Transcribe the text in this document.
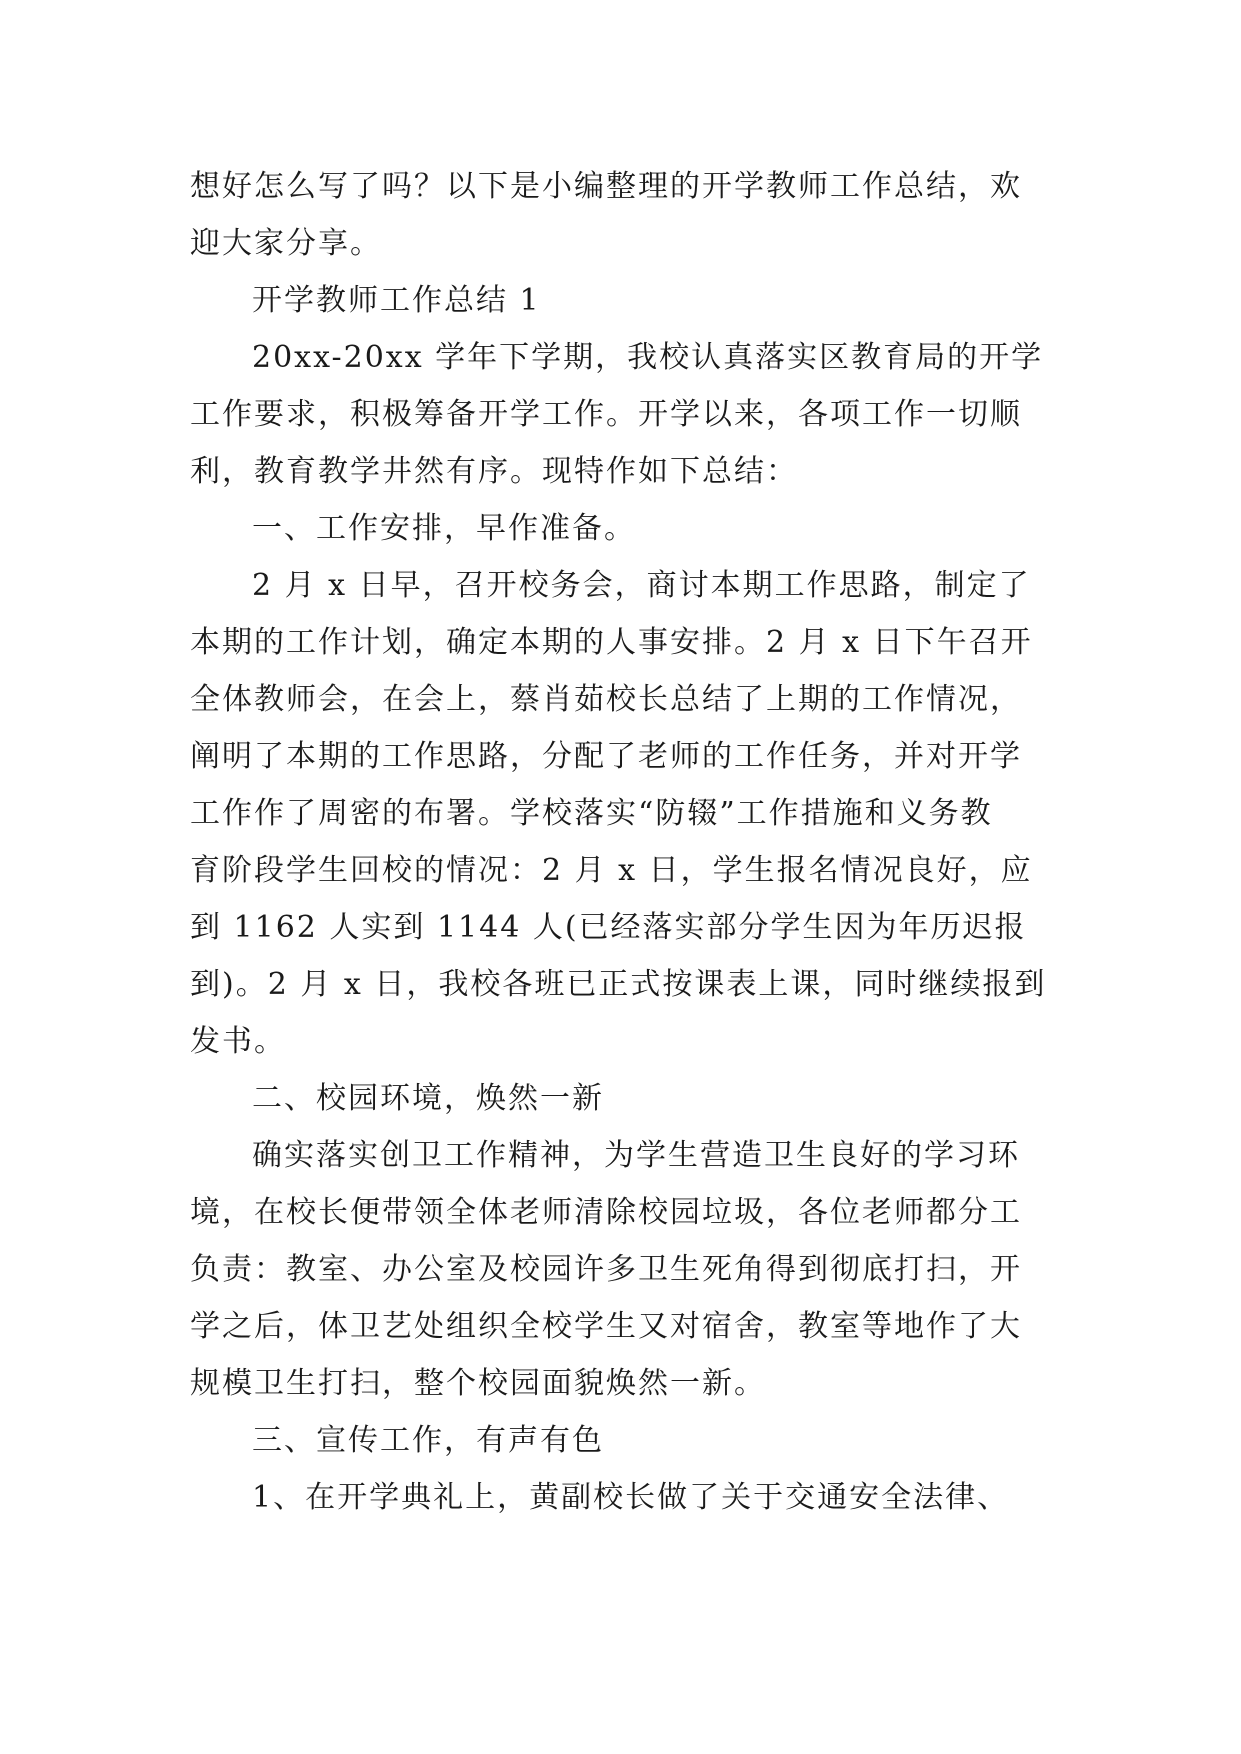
想好怎么写了吗？以下是小编整理的开学教师工作总结，欢
迎大家分享。
开学教师工作总结 1
20xx-20xx 学年下学期，我校认真落实区教育局的开学
工作要求，积极筹备开学工作。开学以来，各项工作一切顺
利，教育教学井然有序。现特作如下总结：
一、工作安排，早作准备。
2 月 x 日早，召开校务会，商讨本期工作思路，制定了
本期的工作计划，确定本期的人事安排。2 月 x 日下午召开
全体教师会，在会上，蔡肖茹校长总结了上期的工作情况，
阐明了本期的工作思路，分配了老师的工作任务，并对开学
工作作了周密的布署。学校落实“防辍”工作措施和义务教
育阶段学生回校的情况：2 月 x 日，学生报名情况良好，应
到 1162 人实到 1144 人(已经落实部分学生因为年历迟报
到)。2 月 x 日，我校各班已正式按课表上课，同时继续报到
发书。
二、校园环境，焕然一新
确实落实创卫工作精神，为学生营造卫生良好的学习环
境，在校长便带领全体老师清除校园垃圾，各位老师都分工
负责：教室、办公室及校园许多卫生死角得到彻底打扫，开
学之后，体卫艺处组织全校学生又对宿舍，教室等地作了大
规模卫生打扫，整个校园面貌焕然一新。
三、宣传工作，有声有色
1、在开学典礼上，黄副校长做了关于交通安全法律、
